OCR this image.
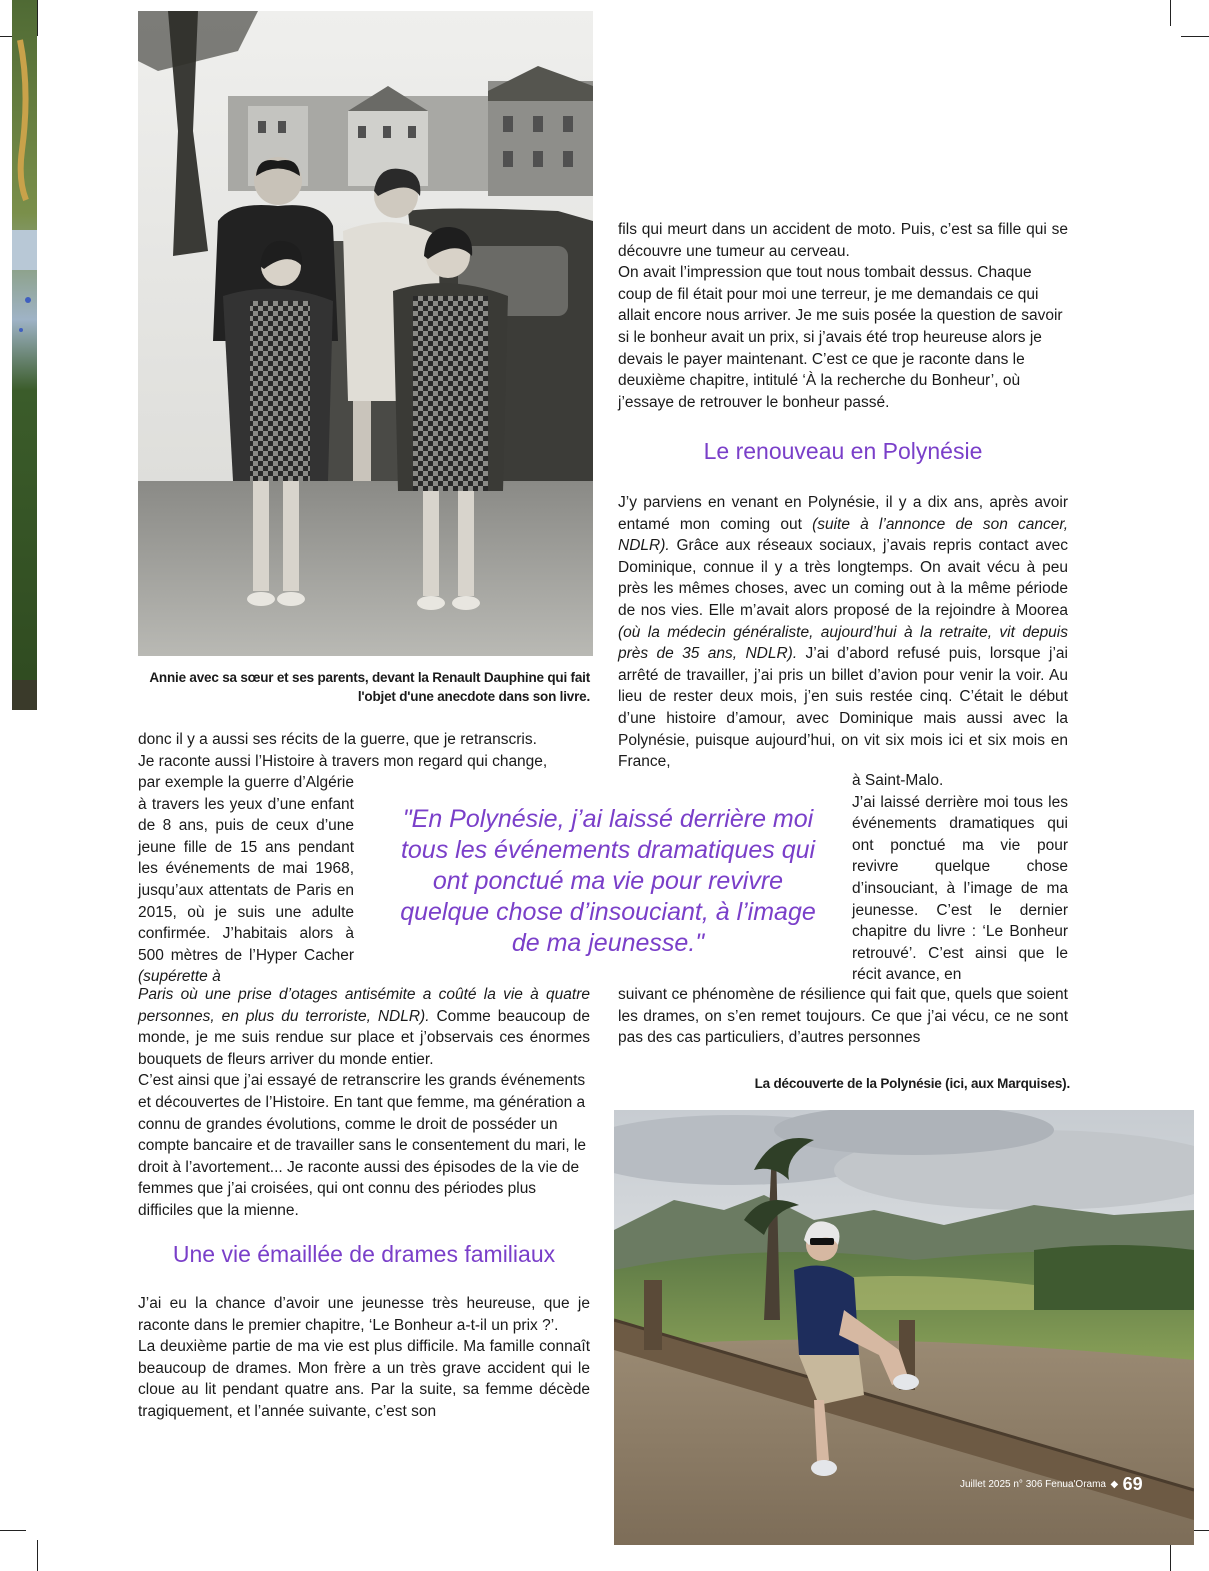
Annie avec sa sœur et ses parents, devant la Renault Dauphine qui fait l'objet d'une anecdote dans son livre.

fils qui meurt dans un accident de moto. Puis, c’est sa fille qui se découvre une tumeur au cerveau.

On avait l’impression que tout nous tombait dessus. Chaque coup de fil était pour moi une terreur, je me demandais ce qui allait encore nous arriver. Je me suis posée la question de savoir si le bonheur avait un prix, si j’avais été trop heureuse alors je devais le payer maintenant. C’est ce que je raconte dans le deuxième chapitre, intitulé ‘À la recherche du Bonheur’, où j’essaye de retrouver le bonheur passé.

Le renouveau en Polynésie

J’y parviens en venant en Polynésie, il y a dix ans, après avoir entamé mon coming out (suite à l’annonce de son cancer, NDLR). Grâce aux réseaux sociaux, j’avais repris contact avec Dominique, connue il y a très longtemps. On avait vécu à peu près les mêmes choses, avec un coming out à la même période de nos vies. Elle m’avait alors proposé de la rejoindre à Moorea (où la médecin généraliste, aujourd’hui à la retraite, vit depuis près de 35 ans, NDLR). J’ai d’abord refusé puis, lorsque j’ai arrêté de travailler, j’ai pris un billet d’avion pour venir la voir. Au lieu de rester deux mois, j’en suis restée cinq. C’était le début d’une histoire d’amour, avec Dominique mais aussi avec la Polynésie, puisque aujourd’hui, on vit six mois ici et six mois en France,

à Saint-Malo.

J’ai laissé derrière moi tous les événements dramatiques qui ont ponctué ma vie pour revivre quelque chose d’insouciant, à l’image de ma jeunesse. C’est le dernier chapitre du livre : ‘Le Bonheur retrouvé’. C’est ainsi que le récit avance, en

suivant ce phénomène de résilience qui fait que, quels que soient les drames, on s’en remet toujours. Ce que j’ai vécu, ce ne sont pas des cas particuliers, d’autres personnes

"En Polynésie, j’ai laissé derrière moi tous les événements dramatiques qui ont ponctué ma vie pour revivre quelque chose d’insouciant, à l’image de ma jeunesse."

donc il y a aussi ses récits de la guerre, que je retranscris.

Je raconte aussi l’Histoire à travers mon regard qui change,

par exemple la guerre d’Algérie à travers les yeux d’une enfant de 8 ans, puis de ceux d’une jeune fille de 15 ans pendant les événements de mai 1968, jusqu’aux attentats de Paris en 2015, où je suis une adulte confirmée. J’habitais alors à 500 mètres de l’Hyper Cacher (supérette à

Paris où une prise d’otages antisémite a coûté la vie à quatre personnes, en plus du terroriste, NDLR). Comme beaucoup de monde, je me suis rendue sur place et j’observais ces énormes bouquets de fleurs arriver du monde entier.

C’est ainsi que j’ai essayé de retranscrire les grands événements et découvertes de l’Histoire. En tant que femme, ma génération a connu de grandes évolutions, comme le droit de posséder un compte bancaire et de travailler sans le consentement du mari, le droit à l’avortement... Je raconte aussi des épisodes de la vie de femmes que j’ai croisées, qui ont connu des périodes plus difficiles que la mienne.

Une vie émaillée de drames familiaux

J’ai eu la chance d’avoir une jeunesse très heureuse, que je raconte dans le premier chapitre, ‘Le Bonheur a-t-il un prix ?’.

La deuxième partie de ma vie est plus difficile. Ma famille connaît beaucoup de drames. Mon frère a un très grave accident qui le cloue au lit pendant quatre ans. Par la suite, sa femme décède tragiquement, et l’année suivante, c’est son

La découverte de la Polynésie (ici, aux Marquises).
Juillet 2025 n° 306 Fenua'Orama ◆ 69
